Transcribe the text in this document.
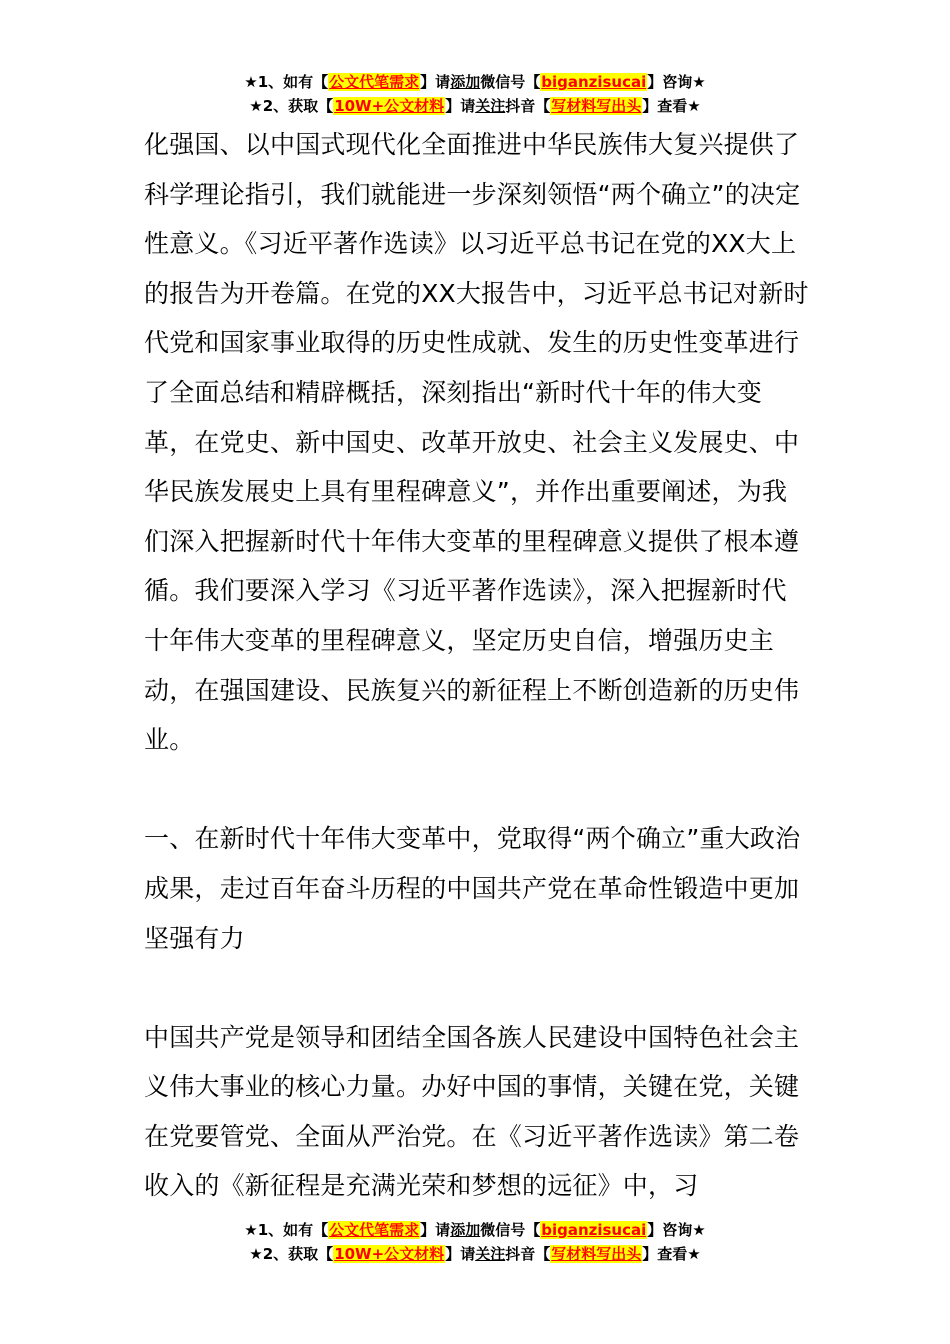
★1、如有【公文代笔需求】请添加微信号【biganzisucai】咨询★
★2、获取【10W+公文材料】请关注抖音【写材料写出头】查看★

化强国、以中国式现代化全面推进中华民族伟大复兴提供了科学理论指引，我们就能进一步深刻领悟“两个确立”的决定性意义。《习近平著作选读》以习近平总书记在党的XX大上的报告为开卷篇。在党的XX大报告中，习近平总书记对新时代党和国家事业取得的历史性成就、发生的历史性变革进行了全面总结和精辟概括，深刻指出“新时代十年的伟大变革，在党史、新中国史、改革开放史、社会主义发展史、中华民族发展史上具有里程碑意义”，并作出重要阐述，为我们深入把握新时代十年伟大变革的里程碑意义提供了根本遵循。我们要深入学习《习近平著作选读》，深入把握新时代十年伟大变革的里程碑意义，坚定历史自信，增强历史主动，在强国建设、民族复兴的新征程上不断创造新的历史伟业。

一、在新时代十年伟大变革中，党取得“两个确立”重大政治成果，走过百年奋斗历程的中国共产党在革命性锻造中更加坚强有力

中国共产党是领导和团结全国各族人民建设中国特色社会主义伟大事业的核心力量。办好中国的事情，关键在党，关键在党要管党、全面从严治党。在《习近平著作选读》第二卷收入的《新征程是充满光荣和梦想的远征》中，习

★1、如有【公文代笔需求】请添加微信号【biganzisucai】咨询★
★2、获取【10W+公文材料】请关注抖音【写材料写出头】查看★
